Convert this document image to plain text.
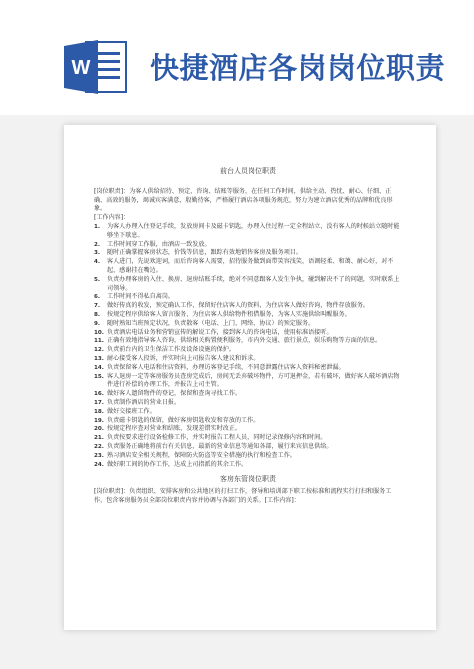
W 快捷酒店各岗岗位职责
前台人员岗位职责

[岗位职责]：为客人供给招待、预定、咨询、结账等服务，在任何工作时间，供给主动、热忱、耐心、仔细、正确、高效的服务，竭诚宾客满意，殷勤待客，严格履行酒店各项服务规范，努力为建立酒店优秀的品牌和优良形象。

[工作内容]：

1.	为客人办理入住登记手续，发放房间卡及磁卡钥匙，办理入住过程一定全程站立，没有客人的时候站立随时能够坐下歇息。
2.	工作时间穿工作服，由酒店一致发放。
3.	随时正确掌握客房状态，价钱等信息，跟踪有效地销售客房及服务项目。
4.	客人进门，先说欢迎词，而后咨询客人需要，招待服务做到面带笑容浅笑，语调轻柔、和蔼、耐心好，对不起，感谢挂在嘴边。
5.	负责办理客房的入住、换房、退房结账手续，绝对不同意跟客人发生争执，碰到解决不了的问题，实时联系上司领导。
6.	工作时间不得私自离岗。
7.	做好传真的收发，预定确认工作，保留好住店客人的资料，为住店客人做好咨询，物件存放服务。
8.	按规定程序供给客人留言服务，为住店客人供给物件租借服务，为客人实施供给叫醒服务。
9.	随时熟知当班预定状况，负责散客（电话、上门、网络、协议）的预定服务。
10. 负责酒店电话业务和营销宣传的解说工作，接到客人的咨询电话，使用标准语接听。
11. 正确有效地指导客人咨询，供给相关购置便利服务，市内外交通、旅行景点，娱乐购物等方面的信息。
12. 负责前台内的卫生保洁工作及设备设施的保护。
13. 耐心接受客人投诉，并实时向上司报告客人建议和诉求。
14. 负责保留客人电话和住店资料，办理访客登记手续，不同意泄露住店客人资料秘密泄漏。
15. 客人退房一定等客房服务员查房完成后，房间无丢弃破坏物件，方可退押金，若有破坏，做好客人破坏酒店物件进行补偿的办理工作，并报告上司主管。
16. 做好客人遗留物件的登记，保留和查询寻找工作。
17. 负责制作酒店的营业日报。
18. 做好交接班工作。
19. 负责磁卡钥匙的保留，做好客房钥匙收发和存放的工作。
20. 按规定程序查对营业和结账，发现差错实时改正。
21. 负责按要求进行设备检修工作，并实时报告工程人员，同时记录保修内容和时间。
22. 负责服务正确地将前台有关信息，最新的营业信息等通知各部，履行来宾信息供给。
23. 熟习酒店安全相关规程，保障防火防盗等安全措施的执行和检查工作。
24. 做好职工间的协作工作，达成上司指派的其余工作。
客房东管岗位职责

[岗位职责]：负责组织、安排客房和公共地区的打扫工作，督导和培训部下职工按标准和流程实行打扫和服务工作，包含客房服务员全部岗位职责内容并协调与各部门的关系。[工作内容]：
